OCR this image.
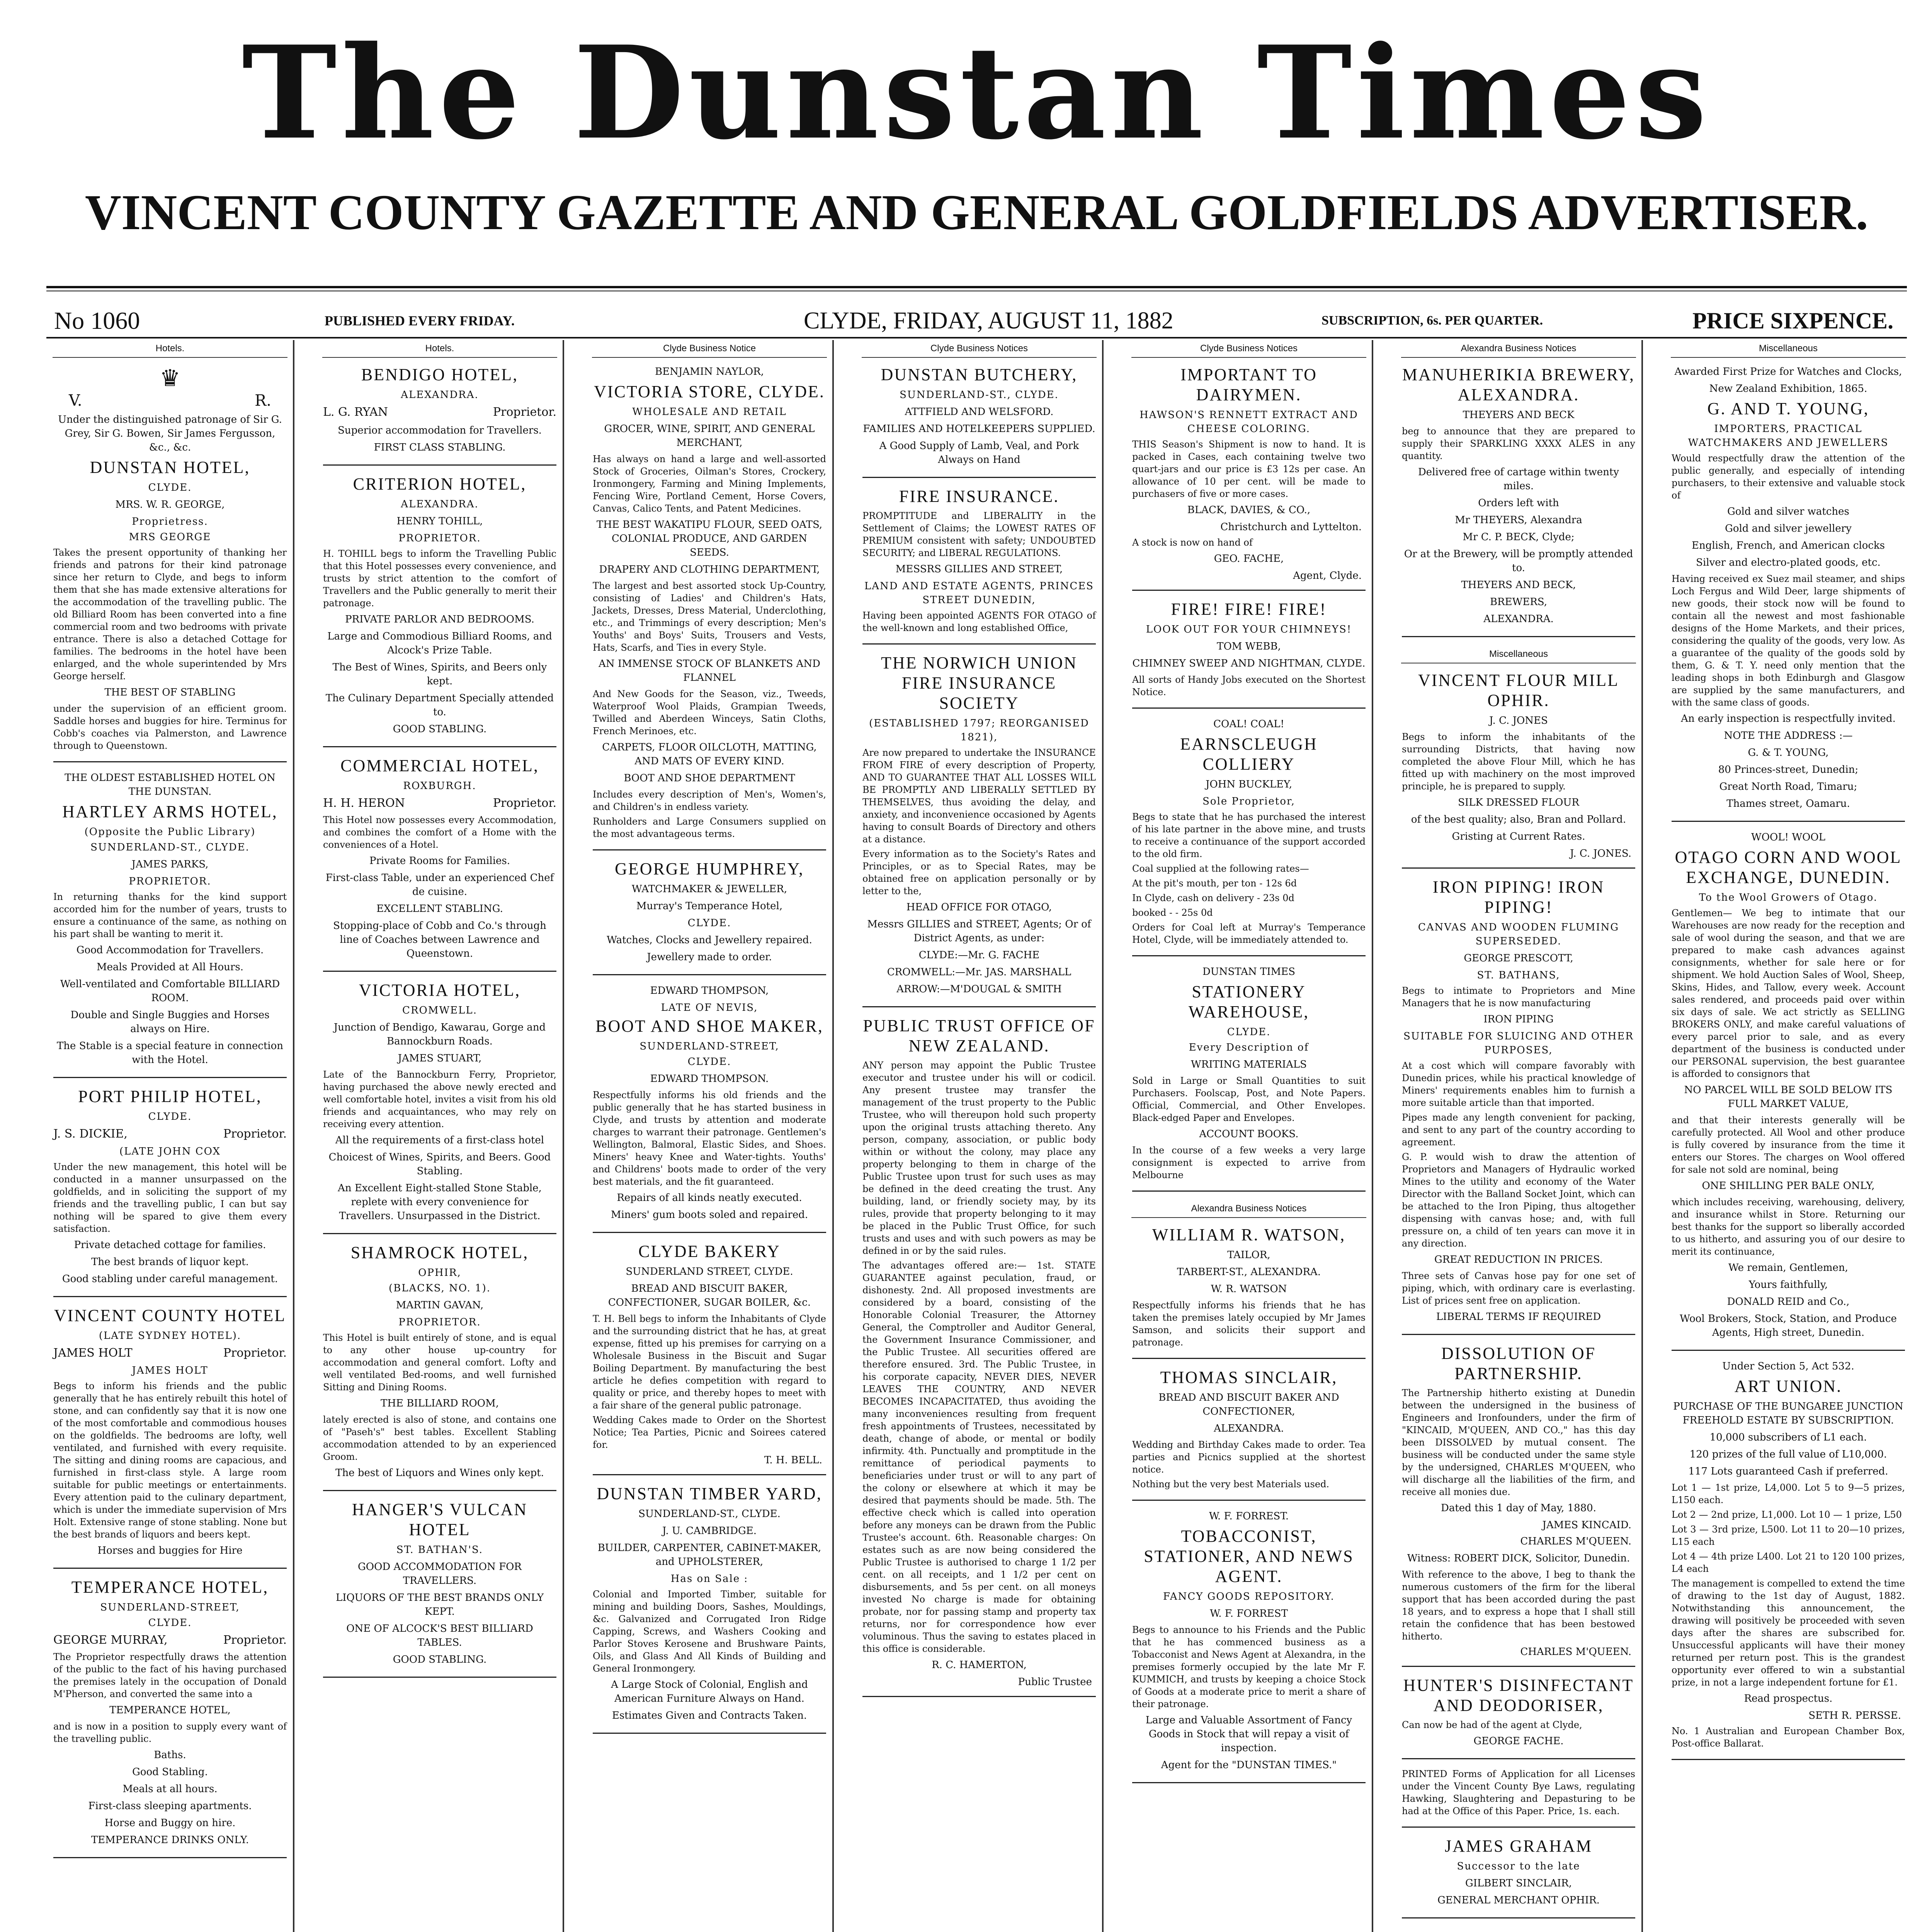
The Dunstan Times
VINCENT COUNTY GAZETTE AND GENERAL GOLDFIELDS ADVERTISER.
No 1060	PUBLISHED EVERY FRIDAY.	CLYDE, FRIDAY, AUGUST 11, 1882	SUBSCRIPTION, 6s. PER QUARTER.	PRICE SIXPENCE.
Hotels.
♛
V.	R.

Under the distinguished patronage of Sir G. Grey, Sir G. Bowen, Sir James Fergusson, &c., &c.

DUNSTAN HOTEL,
CLYDE.
MRS. W. R. GEORGE,
Proprietress.
MRS GEORGE

Takes the present opportunity of thanking her friends and patrons for their kind patronage since her return to Clyde, and begs to inform them that she has made extensive alterations for the accommodation of the travelling public. The old Billiard Room has been converted into a fine commercial room and two bedrooms with private entrance. There is also a detached Cottage for families. The bedrooms in the hotel have been enlarged, and the whole superintended by Mrs George herself.

THE BEST OF STABLING

under the supervision of an efficient groom. Saddle horses and buggies for hire. Terminus for Cobb's coaches via Palmerston, and Lawrence through to Queenstown.

THE OLDEST ESTABLISHED HOTEL ON THE DUNSTAN.
HARTLEY ARMS HOTEL,
(Opposite the Public Library)
SUNDERLAND-ST., CLYDE.
JAMES PARKS,
PROPRIETOR.

In returning thanks for the kind support accorded him for the number of years, trusts to ensure a continuance of the same, as nothing on his part shall be wanting to merit it.

Good Accommodation for Travellers.
Meals Provided at All Hours.
Well-ventilated and Comfortable BILLIARD ROOM.
Double and Single Buggies and Horses always on Hire.
The Stable is a special feature in connection with the Hotel.
PORT PHILIP HOTEL,
CLYDE.
J. S. DICKIE,	Proprietor.
(LATE JOHN COX

Under the new management, this hotel will be conducted in a manner unsurpassed on the goldfields, and in soliciting the support of my friends and the travelling public, I can but say nothing will be spared to give them every satisfaction.

Private detached cottage for families.
The best brands of liquor kept.
Good stabling under careful management.
VINCENT COUNTY HOTEL
(LATE SYDNEY HOTEL).
JAMES HOLT	Proprietor.
JAMES HOLT

Begs to inform his friends and the public generally that he has entirely rebuilt this hotel of stone, and can confidently say that it is now one of the most comfortable and commodious houses on the goldfields. The bedrooms are lofty, well ventilated, and furnished with every requisite. The sitting and dining rooms are capacious, and furnished in first-class style. A large room suitable for public meetings or entertainments. Every attention paid to the culinary department, which is under the immediate supervision of Mrs Holt. Extensive range of stone stabling. None but the best brands of liquors and beers kept.

Horses and buggies for Hire
TEMPERANCE HOTEL,
SUNDERLAND-STREET,
CLYDE.
GEORGE MURRAY,	Proprietor.

The Proprietor respectfully draws the attention of the public to the fact of his having purchased the premises lately in the occupation of Donald M'Pherson, and converted the same into a

TEMPERANCE HOTEL,

and is now in a position to supply every want of the travelling public.

Baths.
Good Stabling.
Meals at all hours.
First-class sleeping apartments.
Horse and Buggy on hire.
TEMPERANCE DRINKS ONLY.
Hotels.
BENDIGO HOTEL,
ALEXANDRA.
L. G. RYAN	Proprietor.
Superior accommodation for Travellers.
FIRST CLASS STABLING.
CRITERION HOTEL,
ALEXANDRA.
HENRY TOHILL,
PROPRIETOR.

H. TOHILL begs to inform the Travelling Public that this Hotel possesses every convenience, and trusts by strict attention to the comfort of Travellers and the Public generally to merit their patronage.

PRIVATE PARLOR AND BEDROOMS.
Large and Commodious Billiard Rooms, and Alcock's Prize Table.
The Best of Wines, Spirits, and Beers only kept.
The Culinary Department Specially attended to.
GOOD STABLING.
COMMERCIAL HOTEL,
ROXBURGH.
H. H. HERON	Proprietor.

This Hotel now possesses every Accommodation, and combines the comfort of a Home with the conveniences of a Hotel.

Private Rooms for Families.
First-class Table, under an experienced Chef de cuisine.
EXCELLENT STABLING.
Stopping-place of Cobb and Co.'s through line of Coaches between Lawrence and Queenstown.
VICTORIA HOTEL,
CROMWELL.
Junction of Bendigo, Kawarau, Gorge and Bannockburn Roads.
JAMES STUART,

Late of the Bannockburn Ferry, Proprietor, having purchased the above newly erected and well comfortable hotel, invites a visit from his old friends and acquaintances, who may rely on receiving every attention.

All the requirements of a first-class hotel
Choicest of Wines, Spirits, and Beers. Good Stabling.
An Excellent Eight-stalled Stone Stable, replete with every convenience for Travellers. Unsurpassed in the District.
SHAMROCK HOTEL,
OPHIR,
(BLACKS, NO. 1).
MARTIN GAVAN,
PROPRIETOR.

This Hotel is built entirely of stone, and is equal to any other house up-country for accommodation and general comfort. Lofty and well ventilated Bed-rooms, and well furnished Sitting and Dining Rooms.

THE BILLIARD ROOM,

lately erected is also of stone, and contains one of "Paseh's" best tables. Excellent Stabling accommodation attended to by an experienced Groom.

The best of Liquors and Wines only kept.
HANGER'S VULCAN HOTEL
ST. BATHAN'S.
GOOD ACCOMMODATION FOR TRAVELLERS.
LIQUORS OF THE BEST BRANDS ONLY KEPT.
ONE OF ALCOCK'S BEST BILLIARD TABLES.
GOOD STABLING.
Clyde Business Notice
BENJAMIN NAYLOR,
VICTORIA STORE, CLYDE.
WHOLESALE AND RETAIL
GROCER, WINE, SPIRIT, AND GENERAL MERCHANT,

Has always on hand a large and well-assorted Stock of Groceries, Oilman's Stores, Crockery, Ironmongery, Farming and Mining Implements, Fencing Wire, Portland Cement, Horse Covers, Canvas, Calico Tents, and Patent Medicines.

THE BEST WAKATIPU FLOUR, SEED OATS, COLONIAL PRODUCE, AND GARDEN SEEDS.
DRAPERY AND CLOTHING DEPARTMENT,

The largest and best assorted stock Up-Country, consisting of Ladies' and Children's Hats, Jackets, Dresses, Dress Material, Underclothing, etc., and Trimmings of every description; Men's Youths' and Boys' Suits, Trousers and Vests, Hats, Scarfs, and Ties in every Style.

AN IMMENSE STOCK OF BLANKETS AND FLANNEL

And New Goods for the Season, viz., Tweeds, Waterproof Wool Plaids, Grampian Tweeds, Twilled and Aberdeen Winceys, Satin Cloths, French Merinoes, etc.

CARPETS, FLOOR OILCLOTH, MATTING, AND MATS OF EVERY KIND.
BOOT AND SHOE DEPARTMENT

Includes every description of Men's, Women's, and Children's in endless variety.

Runholders and Large Consumers supplied on the most advantageous terms.

GEORGE HUMPHREY,
WATCHMAKER & JEWELLER,
Murray's Temperance Hotel,
CLYDE.
Watches, Clocks and Jewellery repaired.
Jewellery made to order.
EDWARD THOMPSON,
LATE OF NEVIS,
BOOT AND SHOE MAKER,
SUNDERLAND-STREET,
CLYDE.
EDWARD THOMPSON.

Respectfully informs his old friends and the public generally that he has started business in Clyde, and trusts by attention and moderate charges to warrant their patronage. Gentlemen's Wellington, Balmoral, Elastic Sides, and Shoes. Miners' heavy Knee and Water-tights. Youths' and Childrens' boots made to order of the very best materials, and the fit guaranteed.

Repairs of all kinds neatly executed.
Miners' gum boots soled and repaired.
CLYDE BAKERY
SUNDERLAND STREET, CLYDE.
BREAD AND BISCUIT BAKER, CONFECTIONER, SUGAR BOILER, &c.

T. H. Bell begs to inform the Inhabitants of Clyde and the surrounding district that he has, at great expense, fitted up his premises for carrying on a Wholesale Business in the Biscuit and Sugar Boiling Department. By manufacturing the best article he defies competition with regard to quality or price, and thereby hopes to meet with a fair share of the general public patronage.

Wedding Cakes made to Order on the Shortest Notice; Tea Parties, Picnic and Soirees catered for.

T. H. BELL.
DUNSTAN TIMBER YARD,
SUNDERLAND-ST., CLYDE.
J. U. CAMBRIDGE.
BUILDER, CARPENTER, CABINET-MAKER, and UPHOLSTERER,
Has on Sale :

Colonial and Imported Timber, suitable for mining and building Doors, Sashes, Mouldings, &c. Galvanized and Corrugated Iron Ridge Capping, Screws, and Washers Cooking and Parlor Stoves Kerosene and Brushware Paints, Oils, and Glass And All Kinds of Building and General Ironmongery.

A Large Stock of Colonial, English and American Furniture Always on Hand.
Estimates Given and Contracts Taken.
Clyde Business Notices
DUNSTAN BUTCHERY,
SUNDERLAND-ST., CLYDE.
ATTFIELD AND WELSFORD.
FAMILIES AND HOTELKEEPERS SUPPLIED.
A Good Supply of Lamb, Veal, and Pork Always on Hand
FIRE INSURANCE.

PROMPTITUDE and LIBERALITY in the Settlement of Claims; the LOWEST RATES OF PREMIUM consistent with safety; UNDOUBTED SECURITY; and LIBERAL REGULATIONS.

MESSRS GILLIES AND STREET,
LAND AND ESTATE AGENTS, PRINCES STREET DUNEDIN,

Having been appointed AGENTS FOR OTAGO of the well-known and long established Office,

THE NORWICH UNION FIRE INSURANCE SOCIETY
(ESTABLISHED 1797; REORGANISED 1821),

Are now prepared to undertake the INSURANCE FROM FIRE of every description of Property, AND TO GUARANTEE THAT ALL LOSSES WILL BE PROMPTLY AND LIBERALLY SETTLED BY THEMSELVES, thus avoiding the delay, and anxiety, and inconvenience occasioned by Agents having to consult Boards of Directory and others at a distance.

Every information as to the Society's Rates and Principles, or as to Special Rates, may be obtained free on application personally or by letter to the,

HEAD OFFICE FOR OTAGO,
Messrs GILLIES and STREET, Agents; Or of District Agents, as under:
CLYDE:—Mr. G. FACHE
CROMWELL:—Mr. JAS. MARSHALL
ARROW:—M'DOUGAL & SMITH
PUBLIC TRUST OFFICE OF NEW ZEALAND.

ANY person may appoint the Public Trustee executor and trustee under his will or codicil. Any present trustee may transfer the management of the trust property to the Public Trustee, who will thereupon hold such property upon the original trusts attaching thereto. Any person, company, association, or public body within or without the colony, may place any property belonging to them in charge of the Public Trustee upon trust for such uses as may be defined in the deed creating the trust. Any building, land, or friendly society may, by its rules, provide that property belonging to it may be placed in the Public Trust Office, for such trusts and uses and with such powers as may be defined in or by the said rules.

The advantages offered are:— 1st. STATE GUARANTEE against peculation, fraud, or dishonesty. 2nd. All proposed investments are considered by a board, consisting of the Honorable Colonial Treasurer, the Attorney General, the Comptroller and Auditor General, the Government Insurance Commissioner, and the Public Trustee. All securities offered are therefore ensured. 3rd. The Public Trustee, in his corporate capacity, NEVER DIES, NEVER LEAVES THE COUNTRY, AND NEVER BECOMES INCAPACITATED, thus avoiding the many inconveniences resulting from frequent fresh appointments of Trustees, necessitated by death, change of abode, or mental or bodily infirmity. 4th. Punctually and promptitude in the remittance of periodical payments to beneficiaries under trust or will to any part of the colony or elsewhere at which it may be desired that payments should be made. 5th. The effective check which is called into operation before any moneys can be drawn from the Public Trustee's account. 6th. Reasonable charges: On estates such as are now being considered the Public Trustee is authorised to charge 1 1/2 per cent. on all receipts, and 1 1/2 per cent on disbursements, and 5s per cent. on all moneys invested No charge is made for obtaining probate, nor for passing stamp and property tax returns, nor for correspondence how ever voluminous. Thus the saving to estates placed in this office is considerable.

R. C. HAMERTON,
Public Trustee
Clyde Business Notices
IMPORTANT TO DAIRYMEN.
HAWSON'S RENNETT EXTRACT AND CHEESE COLORING.

THIS Season's Shipment is now to hand. It is packed in Cases, each containing twelve two quart-jars and our price is £3 12s per case. An allowance of 10 per cent. will be made to purchasers of five or more cases.

BLACK, DAVIES, & CO.,
Christchurch and Lyttelton.

A stock is now on hand of

GEO. FACHE,
Agent, Clyde.
FIRE! FIRE! FIRE!
LOOK OUT FOR YOUR CHIMNEYS!
TOM WEBB,
CHIMNEY SWEEP AND NIGHTMAN, CLYDE.

All sorts of Handy Jobs executed on the Shortest Notice.

COAL! COAL!
EARNSCLEUGH COLLIERY
JOHN BUCKLEY,
Sole Proprietor,

Begs to state that he has purchased the interest of his late partner in the above mine, and trusts to receive a continuance of the support accorded to the old firm.

Coal supplied at the following rates—

At the pit's mouth, per ton - 12s 6d

In Clyde, cash on delivery - 23s 0d

booked - - 25s 0d

Orders for Coal left at Murray's Temperance Hotel, Clyde, will be immediately attended to.

DUNSTAN TIMES
STATIONERY WAREHOUSE,
CLYDE.
Every Description of
WRITING MATERIALS

Sold in Large or Small Quantities to suit Purchasers. Foolscap, Post, and Note Papers. Official, Commercial, and Other Envelopes. Black-edged Paper and Envelopes.

ACCOUNT BOOKS.

In the course of a few weeks a very large consignment is expected to arrive from Melbourne

Alexandra Business Notices
WILLIAM R. WATSON,
TAILOR,
TARBERT-ST., ALEXANDRA.
W. R. WATSON

Respectfully informs his friends that he has taken the premises lately occupied by Mr James Samson, and solicits their support and patronage.

THOMAS SINCLAIR,
BREAD AND BISCUIT BAKER AND CONFECTIONER,
ALEXANDRA.

Wedding and Birthday Cakes made to order. Tea parties and Picnics supplied at the shortest notice.

Nothing but the very best Materials used.

W. F. FORREST.
TOBACCONIST, STATIONER, AND NEWS AGENT.
FANCY GOODS REPOSITORY.
W. F. FORREST

Begs to announce to his Friends and the Public that he has commenced business as a Tobacconist and News Agent at Alexandra, in the premises formerly occupied by the late Mr F. KUMMICH, and trusts by keeping a choice Stock of Goods at a moderate price to merit a share of their patronage.

Large and Valuable Assortment of Fancy Goods in Stock that will repay a visit of inspection.
Agent for the "DUNSTAN TIMES."
Alexandra Business Notices
MANUHERIKIA BREWERY, ALEXANDRA.
THEYERS AND BECK

beg to announce that they are prepared to supply their SPARKLING XXXX ALES in any quantity.

Delivered free of cartage within twenty miles.
Orders left with
Mr THEYERS, Alexandra
Mr C. P. BECK, Clyde;
Or at the Brewery, will be promptly attended to.
THEYERS AND BECK,
BREWERS,
ALEXANDRA.
Miscellaneous
VINCENT FLOUR MILL OPHIR.
J. C. JONES

Begs to inform the inhabitants of the surrounding Districts, that having now completed the above Flour Mill, which he has fitted up with machinery on the most improved principle, he is prepared to supply.

SILK DRESSED FLOUR
of the best quality; also, Bran and Pollard.
Gristing at Current Rates.
J. C. JONES.
IRON PIPING! IRON PIPING!
CANVAS AND WOODEN FLUMING SUPERSEDED.
GEORGE PRESCOTT,
ST. BATHANS,

Begs to intimate to Proprietors and Mine Managers that he is now manufacturing

IRON PIPING
SUITABLE FOR SLUICING AND OTHER PURPOSES,

At a cost which will compare favorably with Dunedin prices, while his practical knowledge of Miners' requirements enables him to furnish a more suitable article than that imported.

Pipes made any length convenient for packing, and sent to any part of the country according to agreement.

G. P. would wish to draw the attention of Proprietors and Managers of Hydraulic worked Mines to the utility and economy of the Water Director with the Balland Socket Joint, which can be attached to the Iron Piping, thus altogether dispensing with canvas hose; and, with full pressure on, a child of ten years can move it in any direction.

GREAT REDUCTION IN PRICES.

Three sets of Canvas hose pay for one set of piping, which, with ordinary care is everlasting. List of prices sent free on application.

LIBERAL TERMS IF REQUIRED
DISSOLUTION OF PARTNERSHIP.

The Partnership hitherto existing at Dunedin between the undersigned in the business of Engineers and Ironfounders, under the firm of "KINCAID, M'QUEEN, AND CO.," has this day been DISSOLVED by mutual consent. The business will be conducted under the same style by the undersigned, CHARLES M'QUEEN, who will discharge all the liabilities of the firm, and receive all monies due.

Dated this 1 day of May, 1880.
JAMES KINCAID.
CHARLES M'QUEEN.
Witness: ROBERT DICK, Solicitor, Dunedin.

With reference to the above, I beg to thank the numerous customers of the firm for the liberal support that has been accorded during the past 18 years, and to express a hope that I shall still retain the confidence that has been bestowed hitherto.

CHARLES M'QUEEN.
HUNTER'S DISINFECTANT AND DEODORISER,

Can now be had of the agent at Clyde,

GEORGE FACHE.

PRINTED Forms of Application for all Licenses under the Vincent County Bye Laws, regulating Hawking, Slaughtering and Depasturing to be had at the Office of this Paper. Price, 1s. each.

JAMES GRAHAM
Successor to the late
GILBERT SINCLAIR,
GENERAL MERCHANT OPHIR.
Miscellaneous
Awarded First Prize for Watches and Clocks,
New Zealand Exhibition, 1865.
G. AND T. YOUNG,
IMPORTERS, PRACTICAL WATCHMAKERS AND JEWELLERS

Would respectfully draw the attention of the public generally, and especially of intending purchasers, to their extensive and valuable stock of

Gold and silver watches
Gold and silver jewellery
English, French, and American clocks
Silver and electro-plated goods, etc.

Having received ex Suez mail steamer, and ships Loch Fergus and Wild Deer, large shipments of new goods, their stock now will be found to contain all the newest and most fashionable designs of the Home Markets, and their prices, considering the quality of the goods, very low. As a guarantee of the quality of the goods sold by them, G. & T. Y. need only mention that the leading shops in both Edinburgh and Glasgow are supplied by the same manufacturers, and with the same class of goods.

An early inspection is respectfully invited.
NOTE THE ADDRESS :—
G. & T. YOUNG,
80 Princes-street, Dunedin;
Great North Road, Timaru;
Thames street, Oamaru.
WOOL! WOOL
OTAGO CORN AND WOOL EXCHANGE, DUNEDIN.
To the Wool Growers of Otago.

Gentlemen— We beg to intimate that our Warehouses are now ready for the reception and sale of wool during the season, and that we are prepared to make cash advances against consignments, whether for sale here or for shipment. We hold Auction Sales of Wool, Sheep, Skins, Hides, and Tallow, every week. Account sales rendered, and proceeds paid over within six days of sale. We act strictly as SELLING BROKERS ONLY, and make careful valuations of every parcel prior to sale, and as every department of the business is conducted under our PERSONAL supervision, the best guarantee is afforded to consignors that

NO PARCEL WILL BE SOLD BELOW ITS FULL MARKET VALUE,

and that their interests generally will be carefully protected. All Wool and other produce is fully covered by insurance from the time it enters our Stores. The charges on Wool offered for sale not sold are nominal, being

ONE SHILLING PER BALE ONLY,

which includes receiving, warehousing, delivery, and insurance whilst in Store. Returning our best thanks for the support so liberally accorded to us hitherto, and assuring you of our desire to merit its continuance,

We remain, Gentlemen,
Yours faithfully,
DONALD REID and Co.,
Wool Brokers, Stock, Station, and Produce Agents, High street, Dunedin.
Under Section 5, Act 532.
ART UNION.
PURCHASE OF THE BUNGAREE JUNCTION FREEHOLD ESTATE BY SUBSCRIPTION.
10,000 subscribers of L1 each.
120 prizes of the full value of L10,000.
117 Lots guaranteed Cash if preferred.

Lot 1 — 1st prize, L4,000. Lot 5 to 9—5 prizes, L150 each.

Lot 2 — 2nd prize, L1,000. Lot 10 — 1 prize, L50

Lot 3 — 3rd prize, L500. Lot 11 to 20—10 prizes, L15 each

Lot 4 — 4th prize L400. Lot 21 to 120 100 prizes, L4 each

The management is compelled to extend the time of drawing to the 1st day of August, 1882. Notwithstanding this announcement, the drawing will positively be proceeded with seven days after the shares are subscribed for. Unsuccessful applicants will have their money returned per return post. This is the grandest opportunity ever offered to win a substantial prize, in not a large independent fortune for £1.

Read prospectus.
SETH R. PERSSE.

No. 1 Australian and European Chamber Box, Post-office Ballarat.
